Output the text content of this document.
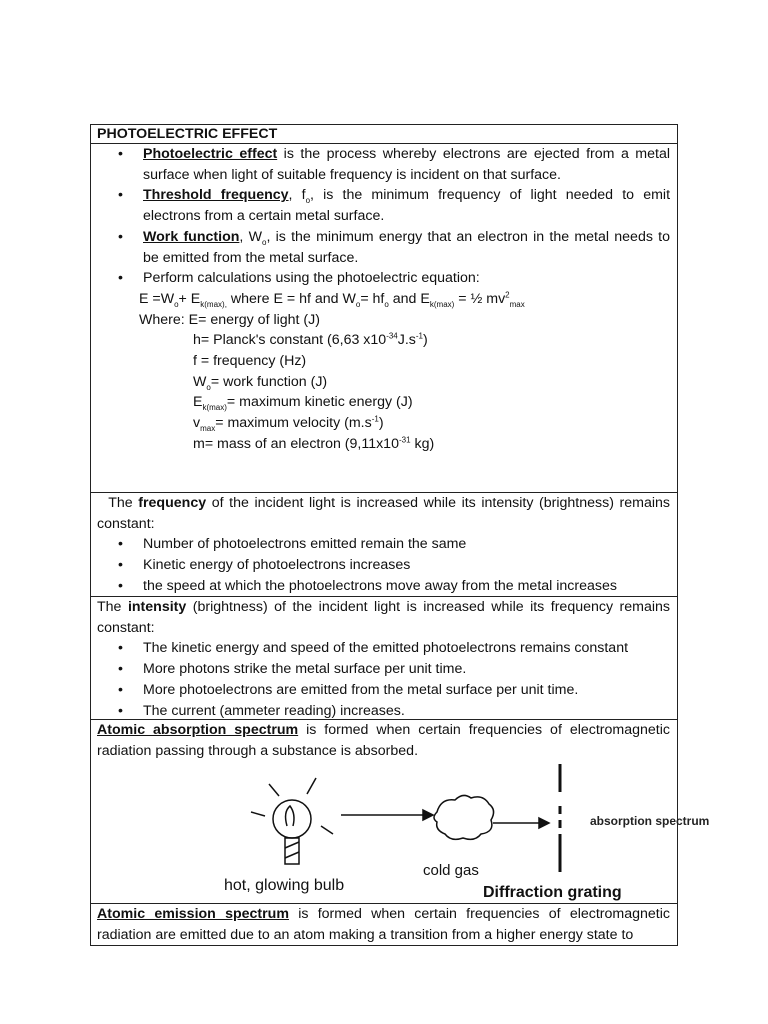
PHOTOELECTRIC EFFECT
• Photoelectric effect is the process whereby electrons are ejected from a metal surface when light of suitable frequency is incident on that surface.
• Threshold frequency, $f_o$, is the minimum frequency of light needed to emit electrons from a certain metal surface.
• Work function, $W_o$, is the minimum energy that an electron in the metal needs to be emitted from the metal surface.
• Perform calculations using the photoelectric equation:
$E =W_o+ E_{k(max),}$ where E = hf and $W_o= hf_o$ and $E_{k(max)}$ = ½ $mv^2_{max}$
Where: E= energy of light (J)
h= Planck's constant (6,63 $x10^{-34}J.s^{-1}$)
f = frequency (Hz)
$W_o=$ work function (J)
$E_{k(max)}=$ maximum kinetic energy (J)
$v_{max}=$ maximum velocity $(m.s^{-1})$
m= mass of an electron ($9,11x10^{-31}$ kg)
The frequency of the incident light is increased while its intensity (brightness) remains constant:
• Number of photoelectrons emitted remain the same
• Kinetic energy of photoelectrons increases
• the speed at which the photoelectrons move away from the metal increases
The intensity (brightness) of the incident light is increased while its frequency remains constant:
• The kinetic energy and speed of the emitted photoelectrons remains constant
• More photons strike the metal surface per unit time.
• More photoelectrons are emitted from the metal surface per unit time.
• The current (ammeter reading) increases.
Atomic absorption spectrum is formed when certain frequencies of electromagnetic radiation passing through a substance is absorbed.
absorption spectrum
hot, glowing bulb
cold gas
Diffraction grating
Atomic emission spectrum is formed when certain frequencies of electromagnetic radiation are emitted due to an atom making a transition from a higher energy state to
